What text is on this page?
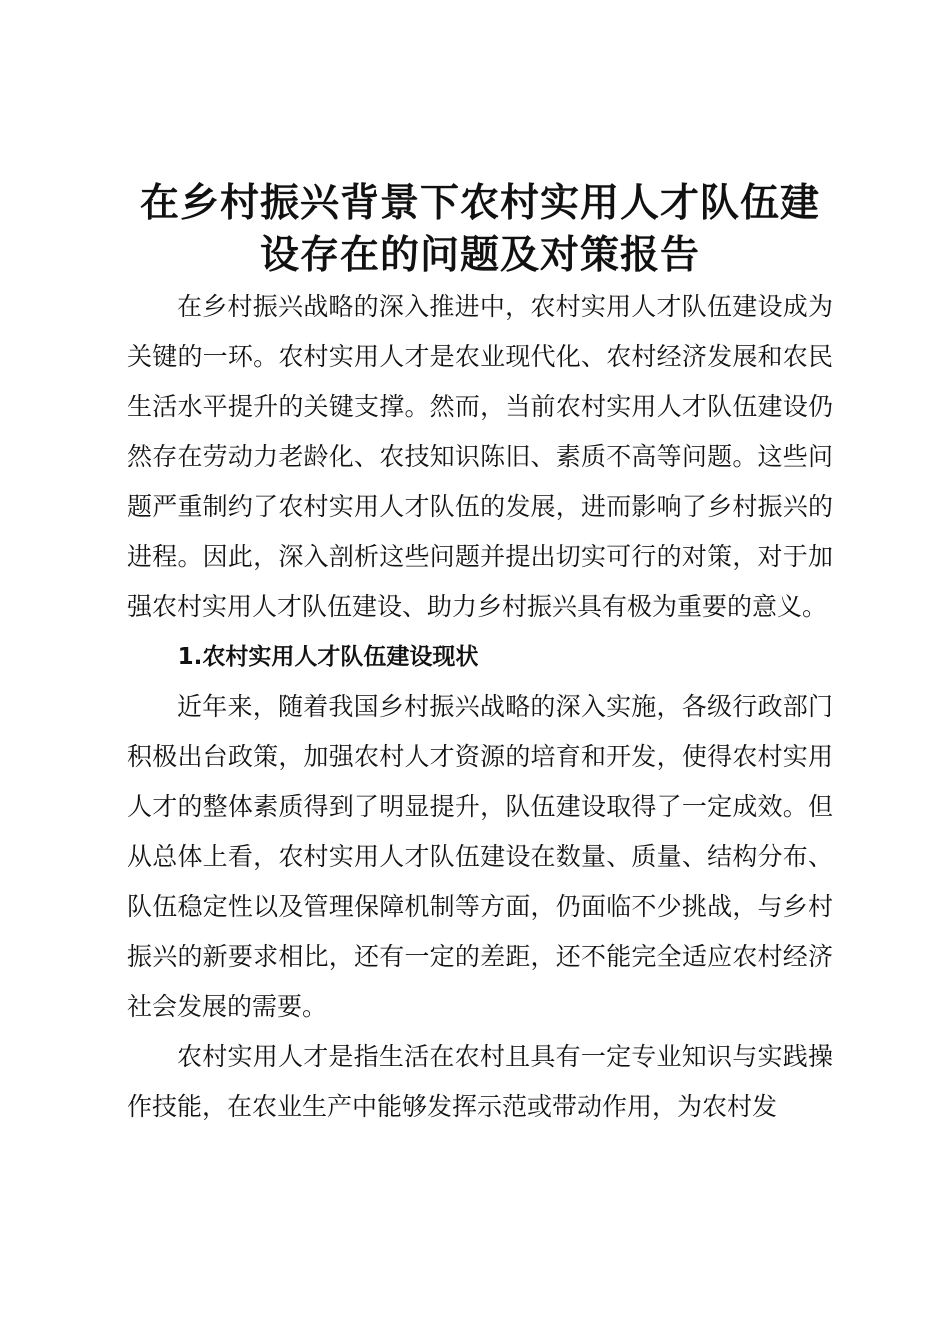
在乡村振兴背景下农村实用人才队伍建设存在的问题及对策报告

在乡村振兴战略的深入推进中，农村实用人才队伍建设成为关键的一环。农村实用人才是农业现代化、农村经济发展和农民生活水平提升的关键支撑。然而，当前农村实用人才队伍建设仍然存在劳动力老龄化、农技知识陈旧、素质不高等问题。这些问题严重制约了农村实用人才队伍的发展，进而影响了乡村振兴的进程。因此，深入剖析这些问题并提出切实可行的对策，对于加强农村实用人才队伍建设、助力乡村振兴具有极为重要的意义。

1.农村实用人才队伍建设现状

近年来，随着我国乡村振兴战略的深入实施，各级行政部门积极出台政策，加强农村人才资源的培育和开发，使得农村实用人才的整体素质得到了明显提升，队伍建设取得了一定成效。但从总体上看，农村实用人才队伍建设在数量、质量、结构分布、队伍稳定性以及管理保障机制等方面，仍面临不少挑战，与乡村振兴的新要求相比，还有一定的差距，还不能完全适应农村经济社会发展的需要。

农村实用人才是指生活在农村且具有一定专业知识与实践操作技能，在农业生产中能够发挥示范或带动作用，为农村发
